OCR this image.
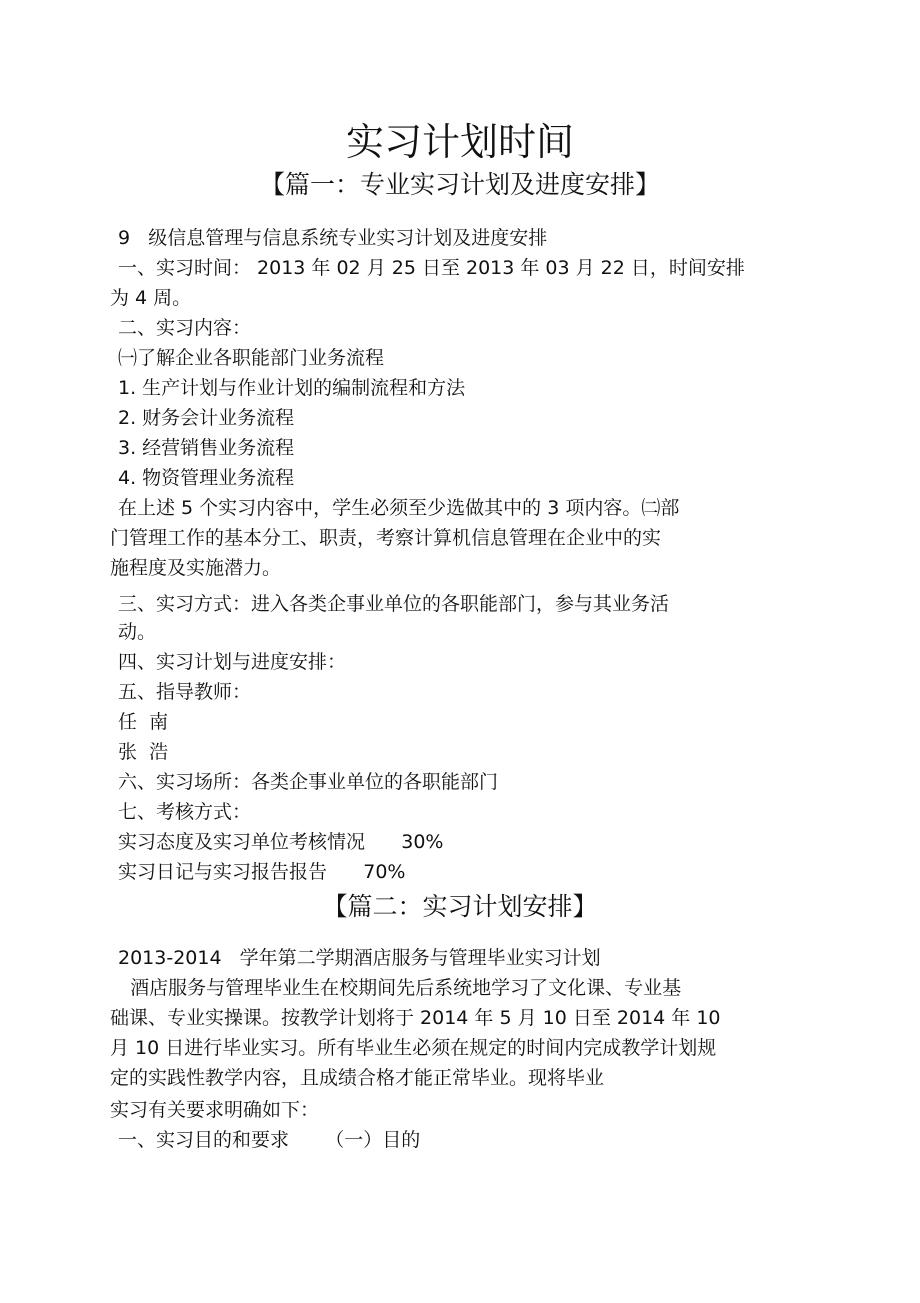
实习计划时间
【篇一：专业实习计划及进度安排】
9   级信息管理与信息系统专业实习计划及进度安排
一、实习时间： 2013 年 02 月 25 日至 2013 年 03 月 22 日，时间安排
为 4 周。
二、实习内容：
㈠了解企业各职能部门业务流程
1. 生产计划与作业计划的编制流程和方法
2. 财务会计业务流程
3. 经营销售业务流程
4. 物资管理业务流程
在上述 5 个实习内容中，学生必须至少选做其中的 3 项内容。㈡部
门管理工作的基本分工、职责，考察计算机信息管理在企业中的实
施程度及实施潜力。
三、实习方式：进入各类企事业单位的各职能部门，参与其业务活
动。
四、实习计划与进度安排：
五、指导教师：
任  南
张  浩
六、实习场所：各类企事业单位的各职能部门
七、考核方式：
实习态度及实习单位考核情况      30%
实习日记与实习报告报告      70%
【篇二：实习计划安排】
2013-2014   学年第二学期酒店服务与管理毕业实习计划
酒店服务与管理毕业生在校期间先后系统地学习了文化课、专业基
础课、专业实操课。按教学计划将于 2014 年 5 月 10 日至 2014 年 10
月 10 日进行毕业实习。所有毕业生必须在规定的时间内完成教学计划规
定的实践性教学内容，且成绩合格才能正常毕业。现将毕业
实习有关要求明确如下：
一、实习目的和要求      （一）目的
